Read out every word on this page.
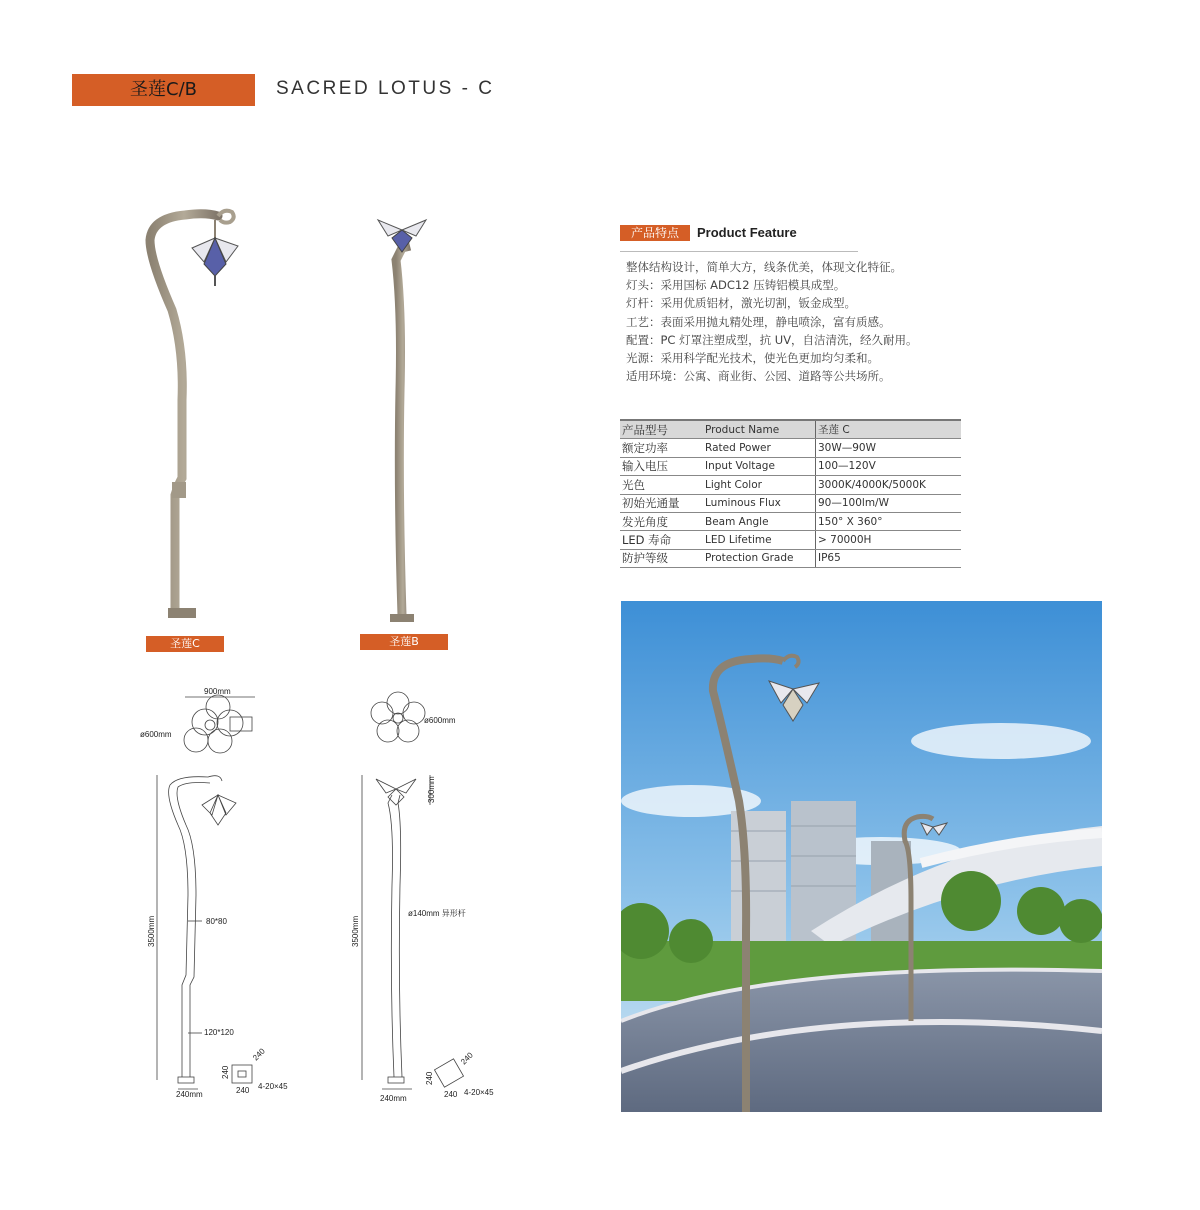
圣莲C/B	SACRED LOTUS - C
圣莲C	圣莲B
900mm
ø600mm
ø600mm
3500mm	3500mm
80*80
120*120
ø140mm 异形杆
300mm
240mm	240mm
240
240
240
4-20×45
240
240
240
4-20×45
产品特点	Product Feature
整体结构设计，简单大方，线条优美，体现文化特征。
灯头：采用国标 ADC12 压铸铝模具成型。
灯杆：采用优质铝材，激光切割，钣金成型。
工艺：表面采用抛丸精处理，静电喷涂，富有质感。
配置：PC 灯罩注塑成型，抗 UV，自洁清洗，经久耐用。
光源：采用科学配光技术，使光色更加均匀柔和。
适用环境：公寓、商业街、公园、道路等公共场所。
产品型号	Product Name	圣莲 C
额定功率	Rated Power	30W—90W
输入电压	Input Voltage	100—120V
光色	Light Color	3000K/4000K/5000K
初始光通量	Luminous Flux	90—100lm/W
发光角度	Beam Angle	150° X 360°
LED 寿命	LED Lifetime	> 70000H
防护等级	Protection Grade	IP65
